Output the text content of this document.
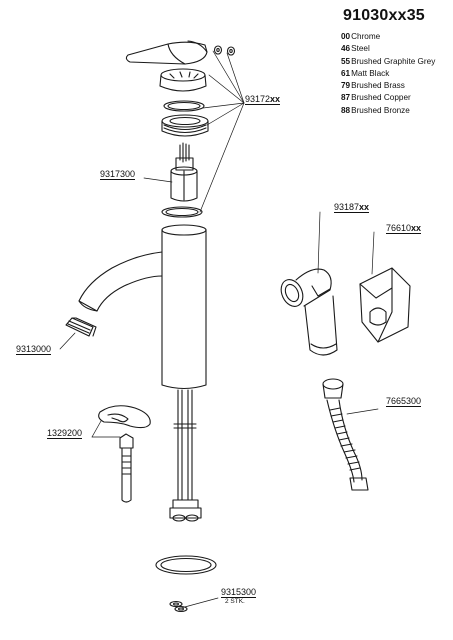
91030xx35
00Chrome
46Steel
55Brushed Graphite Grey
61Matt Black
79Brushed Brass
87Brushed Copper
88Brushed Bronze
93172xx
9317300
9313000
1329200
93187xx
76610xx
7665300
9315300
2 STK.
